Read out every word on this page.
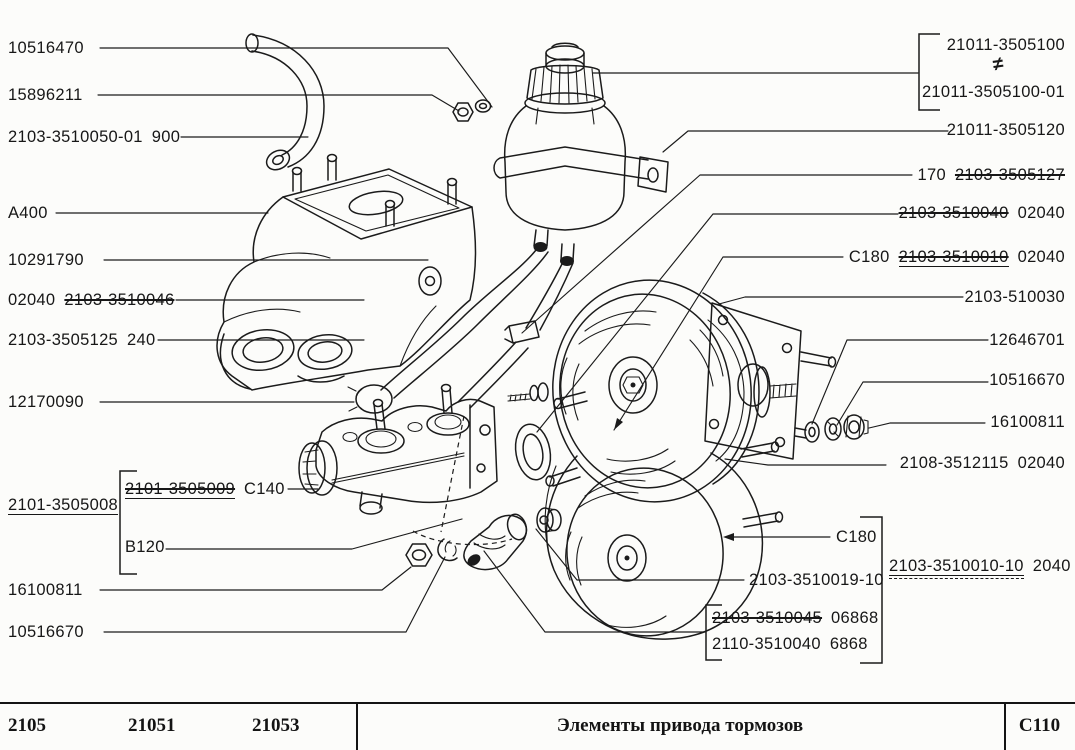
10516470
15896211
2103-3510050-01 900
A400
10291790
02040 2103-3510046
2103-3505125 240
12170090
2101-3505008
2101-3505009 C140
B120
16100811
10516670
21011-3505100
≠
21011-3505100-01
21011-3505120
170 2103-3505127
2103-3510040 02040
C180 2103-3510010 02040
2103-510030
12646701
10516670
16100811
2108-3512115 02040
C180
2103-3510010-10 2040
2103-3510019-10
2103-3510045 06868
2110-3510040 6868
2105	21051	21053	Элементы привода тормозов	С110
